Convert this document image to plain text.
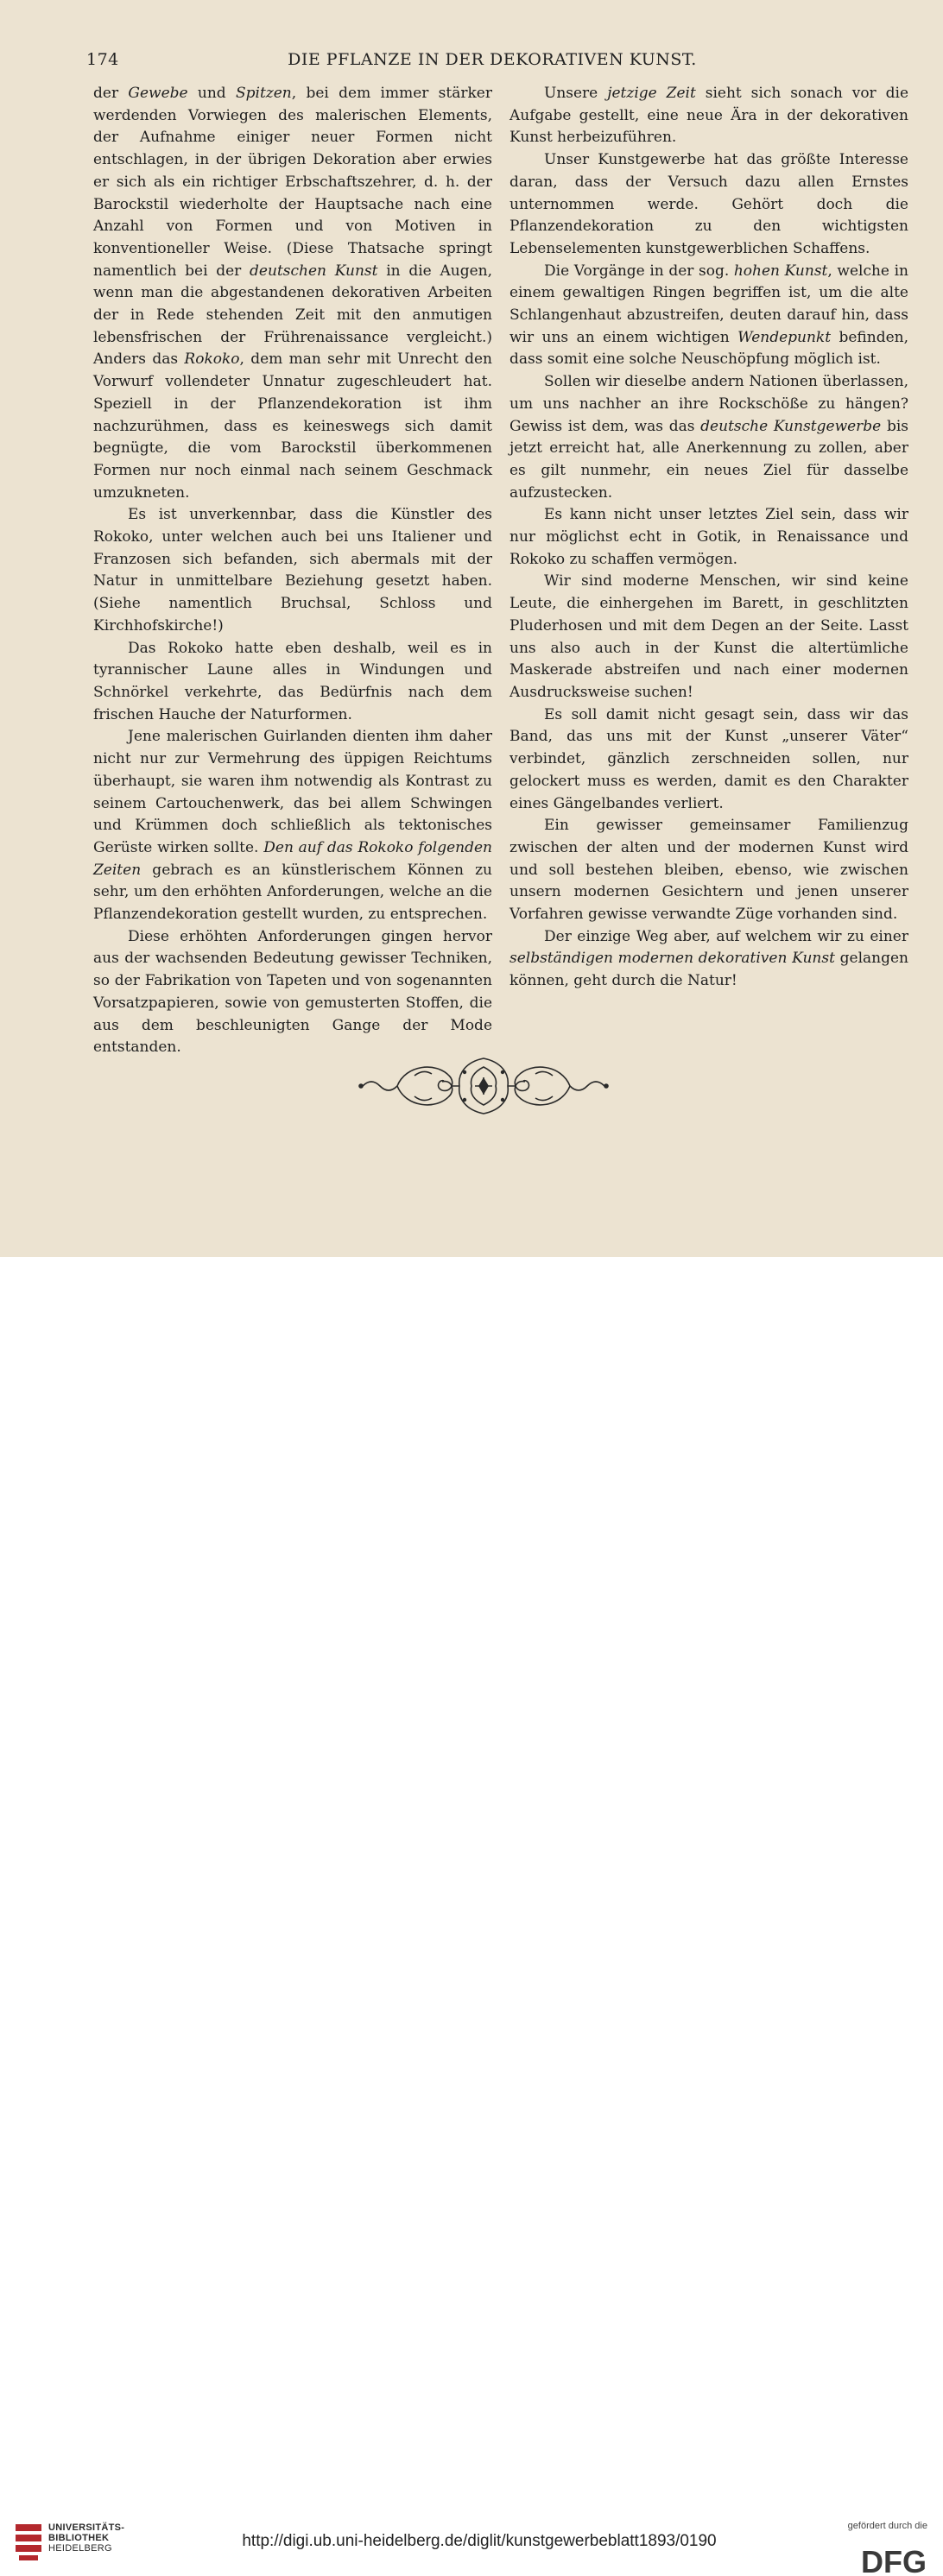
174	DIE PFLANZE IN DER DEKORATIVEN KUNST.

der Gewebe und Spitzen, bei dem immer stärker werdenden Vorwiegen des malerischen Elements, der Aufnahme einiger neuer Formen nicht entschlagen, in der übrigen Dekoration aber erwies er sich als ein richtiger Erbschaftszehrer, d. h. der Barockstil wiederholte der Hauptsache nach eine Anzahl von Formen und von Motiven in konventioneller Weise. (Diese Thatsache springt namentlich bei der deutschen Kunst in die Augen, wenn man die abgestandenen dekorativen Arbeiten der in Rede stehenden Zeit mit den anmutigen lebensfrischen der Frührenaissance vergleicht.) Anders das Rokoko, dem man sehr mit Unrecht den Vorwurf vollendeter Unnatur zugeschleudert hat. Speziell in der Pflanzendekoration ist ihm nachzurühmen, dass es keineswegs sich damit begnügte, die vom Barockstil überkommenen Formen nur noch einmal nach seinem Geschmack umzukneten.

Es ist unverkennbar, dass die Künstler des Rokoko, unter welchen auch bei uns Italiener und Franzosen sich befanden, sich abermals mit der Natur in unmittelbare Beziehung gesetzt haben. (Siehe namentlich Bruchsal, Schloss und Kirchhofskirche!)

Das Rokoko hatte eben deshalb, weil es in tyrannischer Laune alles in Windungen und Schnörkel verkehrte, das Bedürfnis nach dem frischen Hauche der Naturformen.

Jene malerischen Guirlanden dienten ihm daher nicht nur zur Vermehrung des üppigen Reichtums überhaupt, sie waren ihm notwendig als Kontrast zu seinem Cartouchenwerk, das bei allem Schwingen und Krümmen doch schließlich als tektonisches Gerüste wirken sollte. Den auf das Rokoko folgenden Zeiten gebrach es an künstlerischem Können zu sehr, um den erhöhten Anforderungen, welche an die Pflanzendekoration gestellt wurden, zu entsprechen.

Diese erhöhten Anforderungen gingen hervor aus der wachsenden Bedeutung gewisser Techniken, so der Fabrikation von Tapeten und von sogenannten Vorsatzpapieren, sowie von gemusterten Stoffen, die aus dem beschleunigten Gange der Mode entstanden.

Unsere jetzige Zeit sieht sich sonach vor die Aufgabe gestellt, eine neue Ära in der dekorativen Kunst herbeizuführen.

Unser Kunstgewerbe hat das größte Interesse daran, dass der Versuch dazu allen Ernstes unternommen werde. Gehört doch die Pflanzendekoration zu den wichtigsten Lebenselementen kunstgewerblichen Schaffens.

Die Vorgänge in der sog. hohen Kunst, welche in einem gewaltigen Ringen begriffen ist, um die alte Schlangenhaut abzustreifen, deuten darauf hin, dass wir uns an einem wichtigen Wendepunkt befinden, dass somit eine solche Neuschöpfung möglich ist.

Sollen wir dieselbe andern Nationen überlassen, um uns nachher an ihre Rockschöße zu hängen? Gewiss ist dem, was das deutsche Kunstgewerbe bis jetzt erreicht hat, alle Anerkennung zu zollen, aber es gilt nunmehr, ein neues Ziel für dasselbe aufzustecken.

Es kann nicht unser letztes Ziel sein, dass wir nur möglichst echt in Gotik, in Renaissance und Rokoko zu schaffen vermögen.

Wir sind moderne Menschen, wir sind keine Leute, die einhergehen im Barett, in geschlitzten Pluderhosen und mit dem Degen an der Seite. Lasst uns also auch in der Kunst die altertümliche Maskerade abstreifen und nach einer modernen Ausdrucksweise suchen!

Es soll damit nicht gesagt sein, dass wir das Band, das uns mit der Kunst „unserer Väter“ verbindet, gänzlich zerschneiden sollen, nur gelockert muss es werden, damit es den Charakter eines Gängelbandes verliert.

Ein gewisser gemeinsamer Familienzug zwischen der alten und der modernen Kunst wird und soll bestehen bleiben, ebenso, wie zwischen unsern modernen Gesichtern und jenen unserer Vorfahren gewisse verwandte Züge vorhanden sind.

Der einzige Weg aber, auf welchem wir zu einer selbständigen modernen dekorativen Kunst gelangen können, geht durch die Natur!

UNIVERSITÄTS-
BIBLIOTHEK
HEIDELBERG	http://digi.ub.uni-heidelberg.de/diglit/kunstgewerbeblatt1893/0190
gefördert durch die
DFG
